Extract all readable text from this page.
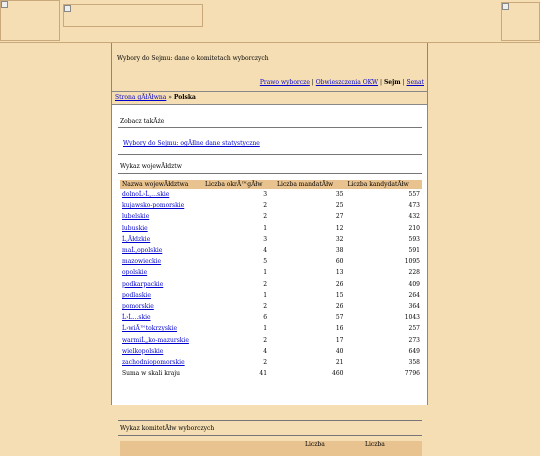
Wybory do Sejmu: dane o komitetach wyborczych
Prawo wyborcze | Obwieszczenia OKW | Sejm | Senat
Strona gĂłĂłwna » Polska
Zobacz takĂże
Wybory do Sejmu: ogĂłlne dane statystyczne
Wykaz wojewĂłdztw
Nazwa wojewĂłdztwa	Liczba okrĂ™gĂłw	Liczba mandatĂłw	Liczba kandydatĂłw
dolnoĹ›Ĺ‚…skie	3	35	557
kujawsko-pomorskie	2	25	473
lubelskie	2	27	432
lubuskie	1	12	210
Ĺ‚Ăłdzkie	3	32	593
maĹ‚opolskie	4	38	591
mazowieckie	5	60	1095
opolskie	1	13	228
podkarpackie	2	26	409
podlaskie	1	15	264
pomorskie	2	26	364
Ĺ›Ĺ…skie	6	57	1043
Ĺ›wiĂ™tokrzyskie	1	16	257
warmiĹ„ko-mazurskie	2	17	273
wielkopolskie	4	40	649
zachodniopomorskie	2	21	358
Suma w skali kraju	41	460	7796
Wykaz komitetĂłw wyborczych
Liczba	Liczba
